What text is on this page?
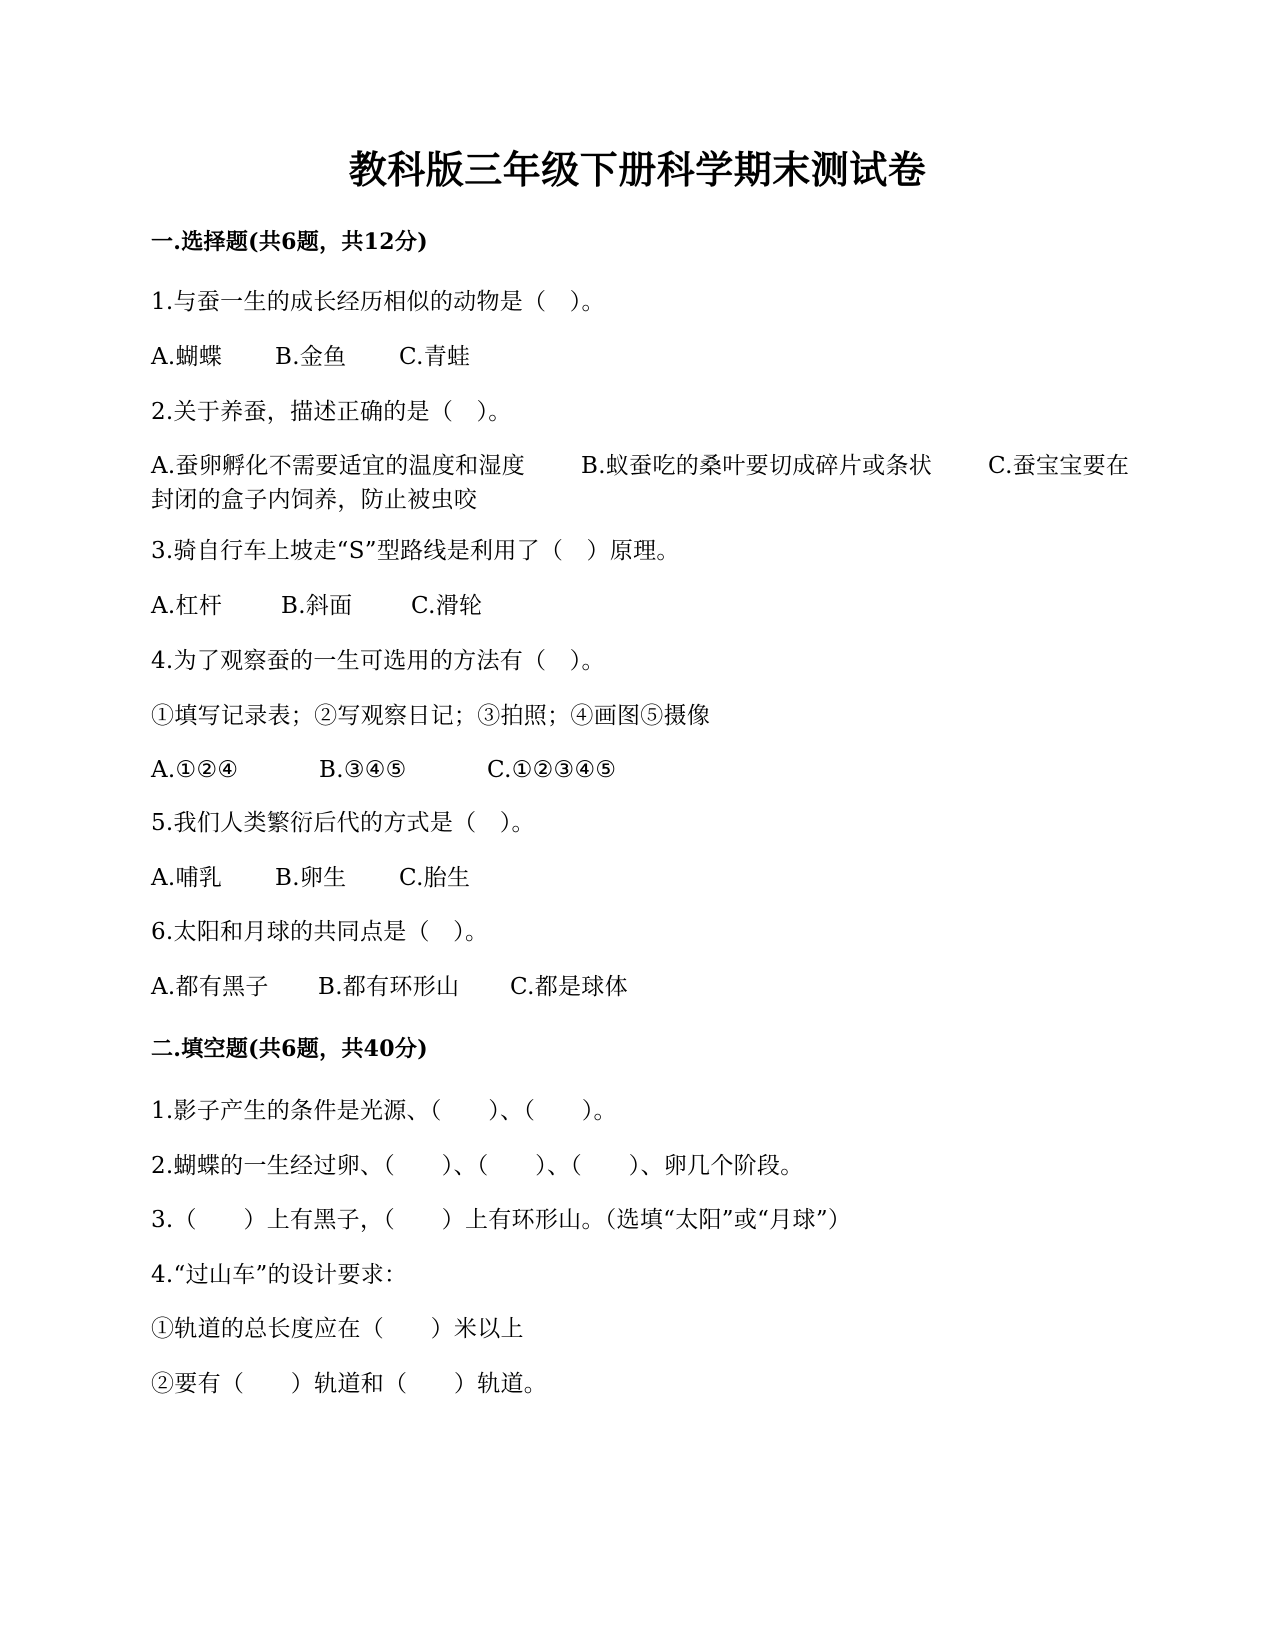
教科版三年级下册科学期末测试卷
一.选择题(共6题，共12分)
1.与蚕一生的成长经历相似的动物是（　）。
A.蝴蝶 B.金鱼 C.青蛙
2.关于养蚕，描述正确的是（　）。
A.蚕卵孵化不需要适宜的温度和湿度 B.蚁蚕吃的桑叶要切成碎片或条状 C.蚕宝宝要在封闭的盒子内饲养，防止被虫咬
3.骑自行车上坡走“S”型路线是利用了（　）原理。
A.杠杆	B.斜面	C.滑轮
4.为了观察蚕的一生可选用的方法有（　）。
①填写记录表；②写观察日记；③拍照；④画图⑤摄像
A.①②④	B.③④⑤	C.①②③④⑤
5.我们人类繁衍后代的方式是（　）。
A.哺乳 B.卵生 C.胎生
6.太阳和月球的共同点是（　）。
A.都有黑子 B.都有环形山 C.都是球体
二.填空题(共6题，共40分)
1.影子产生的条件是光源、（　　）、（　　）。
2.蝴蝶的一生经过卵、（　　）、（　　）、（　　）、卵几个阶段。
3.（　　）上有黑子，（　　）上有环形山。（选填“太阳”或“月球”）
4.“过山车”的设计要求：
①轨道的总长度应在（　　）米以上
②要有（　　）轨道和（　　）轨道。
